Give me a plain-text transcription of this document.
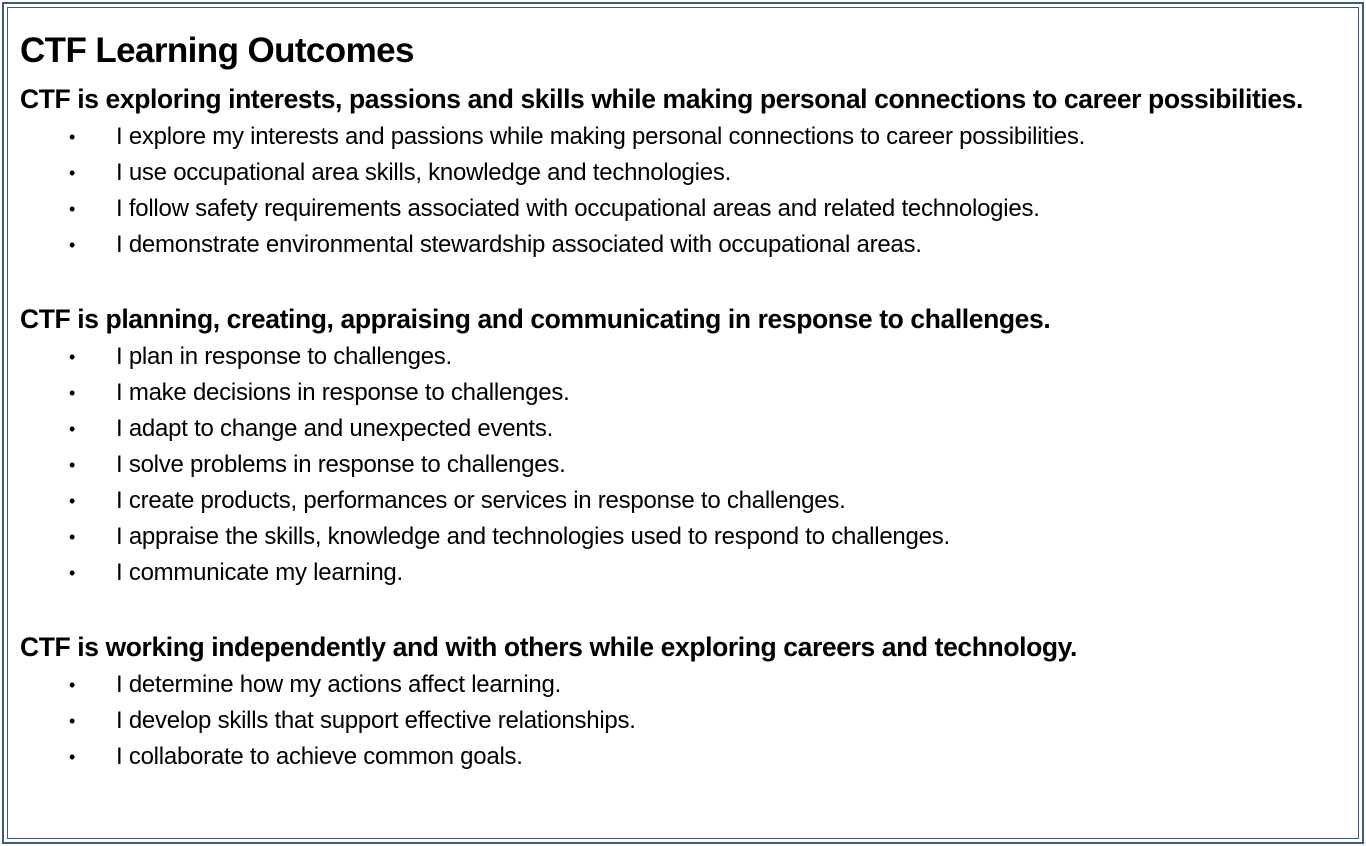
CTF Learning Outcomes
CTF is exploring interests, passions and skills while making personal connections to career possibilities.
• I explore my interests and passions while making personal connections to career possibilities.
• I use occupational area skills, knowledge and technologies.
• I follow safety requirements associated with occupational areas and related technologies.
• I demonstrate environmental stewardship associated with occupational areas.
CTF is planning, creating, appraising and communicating in response to challenges.
• I plan in response to challenges.
• I make decisions in response to challenges.
• I adapt to change and unexpected events.
• I solve problems in response to challenges.
• I create products, performances or services in response to challenges.
• I appraise the skills, knowledge and technologies used to respond to challenges.
• I communicate my learning.
CTF is working independently and with others while exploring careers and technology.
• I determine how my actions affect learning.
• I develop skills that support effective relationships.
• I collaborate to achieve common goals.
